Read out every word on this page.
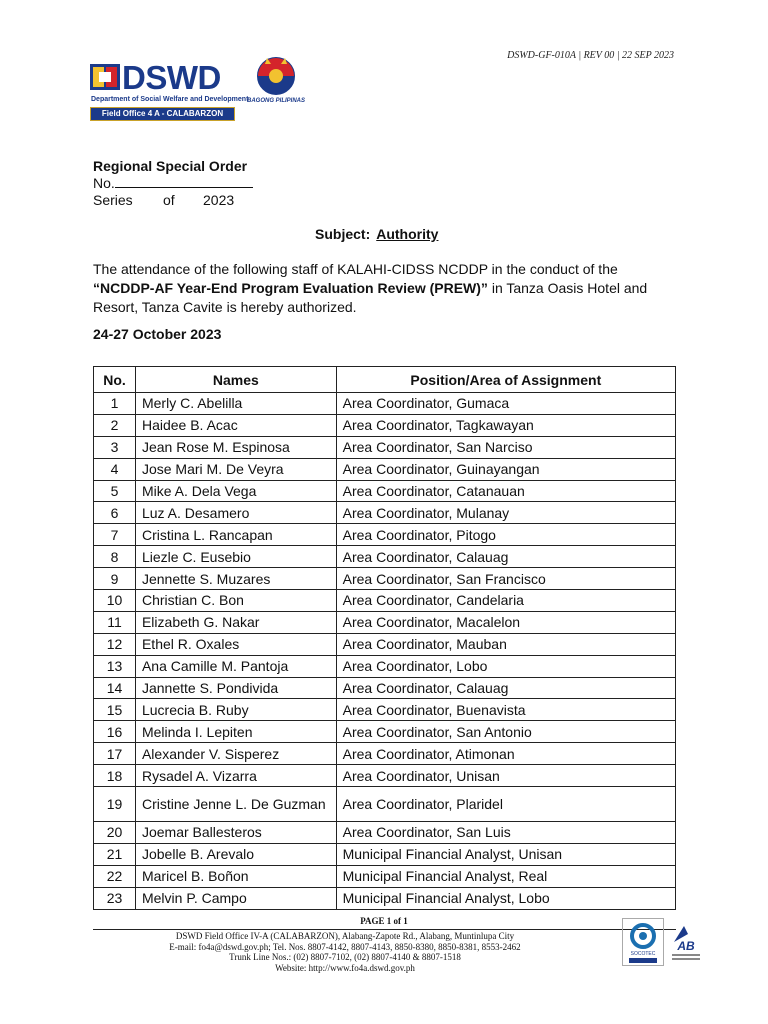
DSWD-GF-010A | REV 00 | 22 SEP 2023
DSWD
Department of Social Welfare and Development
Field Office 4 A - CALABARZON
BAGONG PILIPINAS
Regional Special Order
No.
Series of 2023
Subject: Authority
The attendance of the following staff of KALAHI-CIDSS NCDDP in the conduct of the
“NCDDP-AF Year-End Program Evaluation Review (PREW)” in Tanza Oasis Hotel and Resort, Tanza Cavite is hereby authorized.
24-27 October 2023
No.	Names	Position/Area of Assignment
1	Merly C. Abelilla	Area Coordinator, Gumaca
2	Haidee B. Acac	Area Coordinator, Tagkawayan
3	Jean Rose M. Espinosa	Area Coordinator, San Narciso
4	Jose Mari M. De Veyra	Area Coordinator, Guinayangan
5	Mike A. Dela Vega	Area Coordinator, Catanauan
6	Luz A. Desamero	Area Coordinator, Mulanay
7	Cristina L. Rancapan	Area Coordinator, Pitogo
8	Liezle C. Eusebio	Area Coordinator, Calauag
9	Jennette S. Muzares	Area Coordinator, San Francisco
10	Christian C. Bon	Area Coordinator, Candelaria
11	Elizabeth G. Nakar	Area Coordinator, Macalelon
12	Ethel R. Oxales	Area Coordinator, Mauban
13	Ana Camille M. Pantoja	Area Coordinator, Lobo
14	Jannette S. Pondivida	Area Coordinator, Calauag
15	Lucrecia B. Ruby	Area Coordinator, Buenavista
16	Melinda I. Lepiten	Area Coordinator, San Antonio
17	Alexander V. Sisperez	Area Coordinator, Atimonan
18	Rysadel A. Vizarra	Area Coordinator, Unisan
19	Cristine Jenne L. De Guzman	Area Coordinator, Plaridel
20	Joemar Ballesteros	Area Coordinator, San Luis
21	Jobelle B. Arevalo	Municipal Financial Analyst, Unisan
22	Maricel B. Boñon	Municipal Financial Analyst, Real
23	Melvin P. Campo	Municipal Financial Analyst, Lobo
PAGE 1 of 1
DSWD Field Office IV-A (CALABARZON), Alabang-Zapote Rd., Alabang, Muntinlupa City
E-mail: fo4a@dswd.gov.ph; Tel. Nos. 8807-4142, 8807-4143, 8850-8380, 8850-8381, 8553-2462
Trunk Line Nos.: (02) 8807-7102, (02) 8807-4140 & 8807-1518
Website: http://www.fo4a.dswd.gov.ph
SOCOTEC
AB
